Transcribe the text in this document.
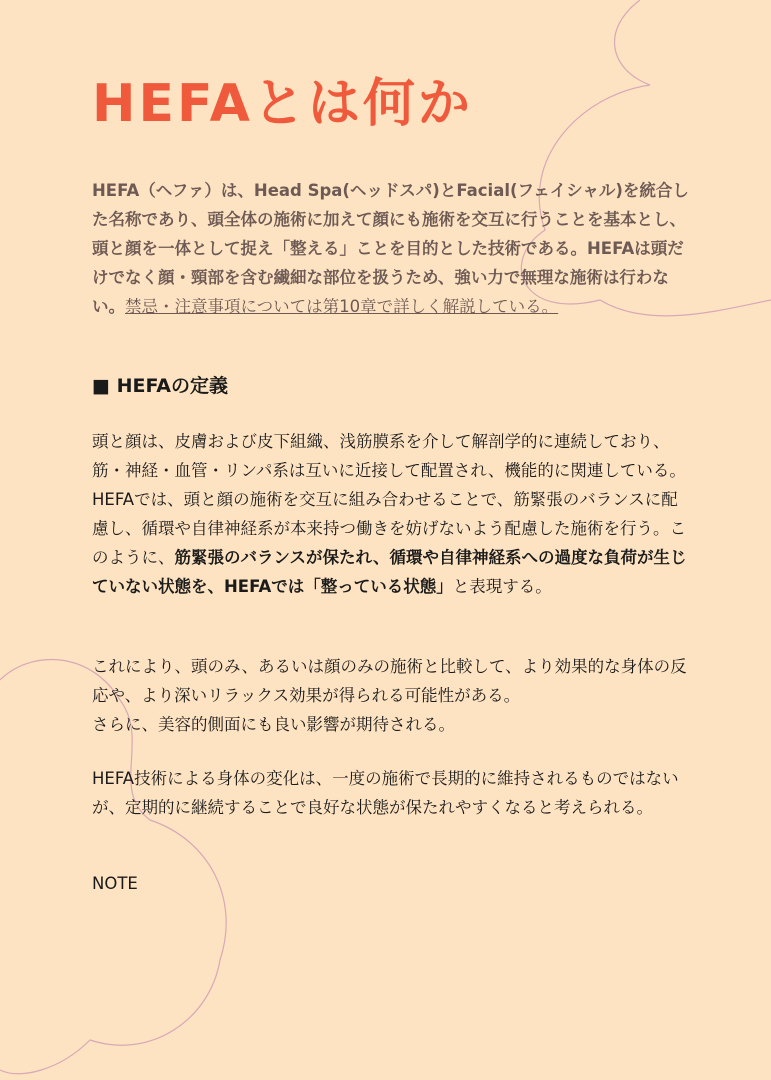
HEFAとは何か

HEFA（ヘファ）は、Head Spa(ヘッドスパ)とFacial(フェイシャル)を統合した名称であり、頭全体の施術に加えて顔にも施術を交互に行うことを基本とし、頭と顔を一体として捉え「整える」ことを目的とした技術である。HEFAは頭だけでなく顔・頸部を含む繊細な部位を扱うため、強い力で無理な施術は行わない。禁忌・注意事項については第10章で詳しく解説している。

■ HEFAの定義

頭と顔は、皮膚および皮下組織、浅筋膜系を介して解剖学的に連続しており、筋・神経・血管・リンパ系は互いに近接して配置され、機能的に関連している。HEFAでは、頭と顔の施術を交互に組み合わせることで、筋緊張のバランスに配慮し、循環や自律神経系が本来持つ働きを妨げないよう配慮した施術を行う。このように、筋緊張のバランスが保たれ、循環や自律神経系への過度な負荷が生じていない状態を、HEFAでは「整っている状態」と表現する。

これにより、頭のみ、あるいは顔のみの施術と比較して、より効果的な身体の反応や、より深いリラックス効果が得られる可能性がある。
さらに、美容的側面にも良い影響が期待される。

HEFA技術による身体の変化は、一度の施術で長期的に維持されるものではないが、定期的に継続することで良好な状態が保たれやすくなると考えられる。

NOTE
